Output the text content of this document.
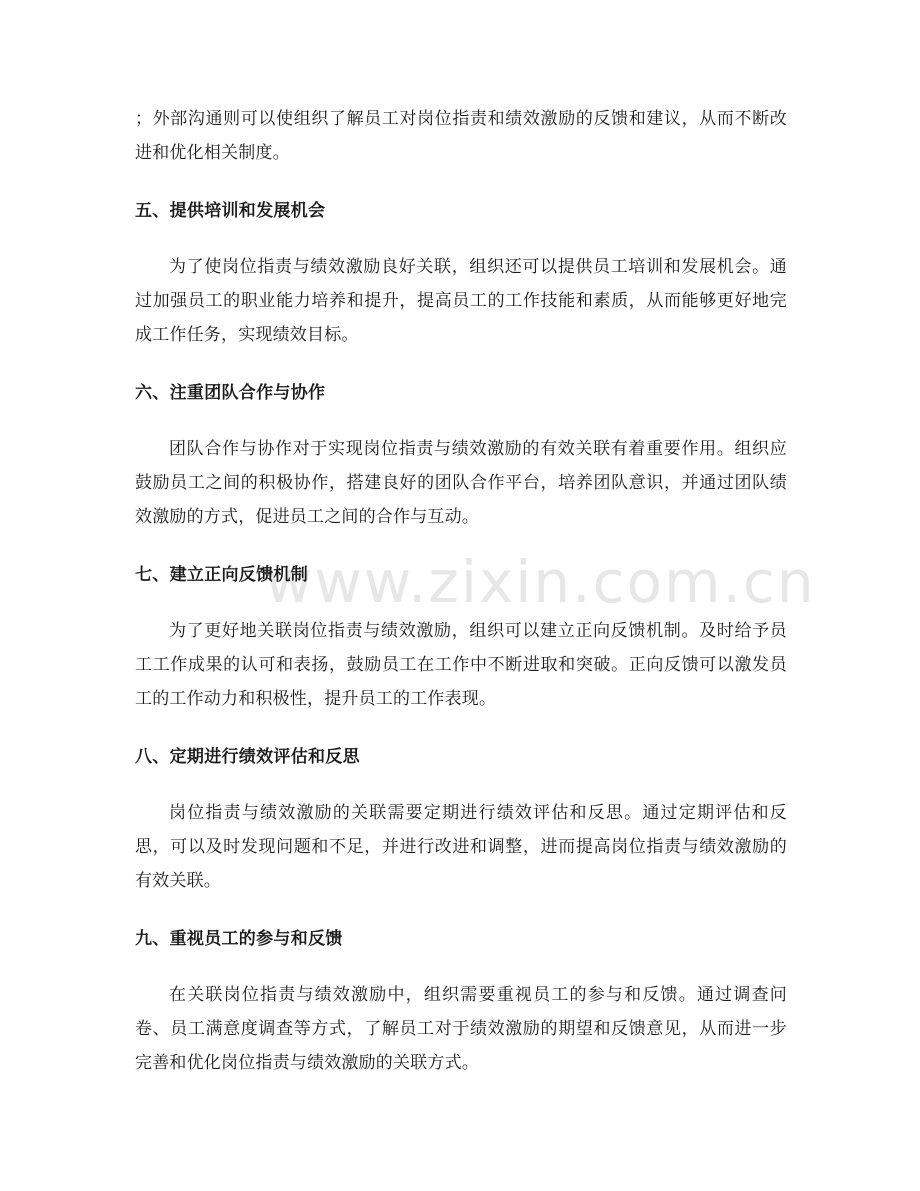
www.zixin.com.cn

；外部沟通则可以使组织了解员工对岗位指责和绩效激励的反馈和建议，从而不断改进和优化相关制度。

五、提供培训和发展机会

为了使岗位指责与绩效激励良好关联，组织还可以提供员工培训和发展机会。通过加强员工的职业能力培养和提升，提高员工的工作技能和素质，从而能够更好地完成工作任务，实现绩效目标。

六、注重团队合作与协作

团队合作与协作对于实现岗位指责与绩效激励的有效关联有着重要作用。组织应鼓励员工之间的积极协作，搭建良好的团队合作平台，培养团队意识，并通过团队绩效激励的方式，促进员工之间的合作与互动。

七、建立正向反馈机制

为了更好地关联岗位指责与绩效激励，组织可以建立正向反馈机制。及时给予员工工作成果的认可和表扬，鼓励员工在工作中不断进取和突破。正向反馈可以激发员工的工作动力和积极性，提升员工的工作表现。

八、定期进行绩效评估和反思

岗位指责与绩效激励的关联需要定期进行绩效评估和反思。通过定期评估和反思，可以及时发现问题和不足，并进行改进和调整，进而提高岗位指责与绩效激励的有效关联。

九、重视员工的参与和反馈

在关联岗位指责与绩效激励中，组织需要重视员工的参与和反馈。通过调查问卷、员工满意度调查等方式，了解员工对于绩效激励的期望和反馈意见，从而进一步完善和优化岗位指责与绩效激励的关联方式。
